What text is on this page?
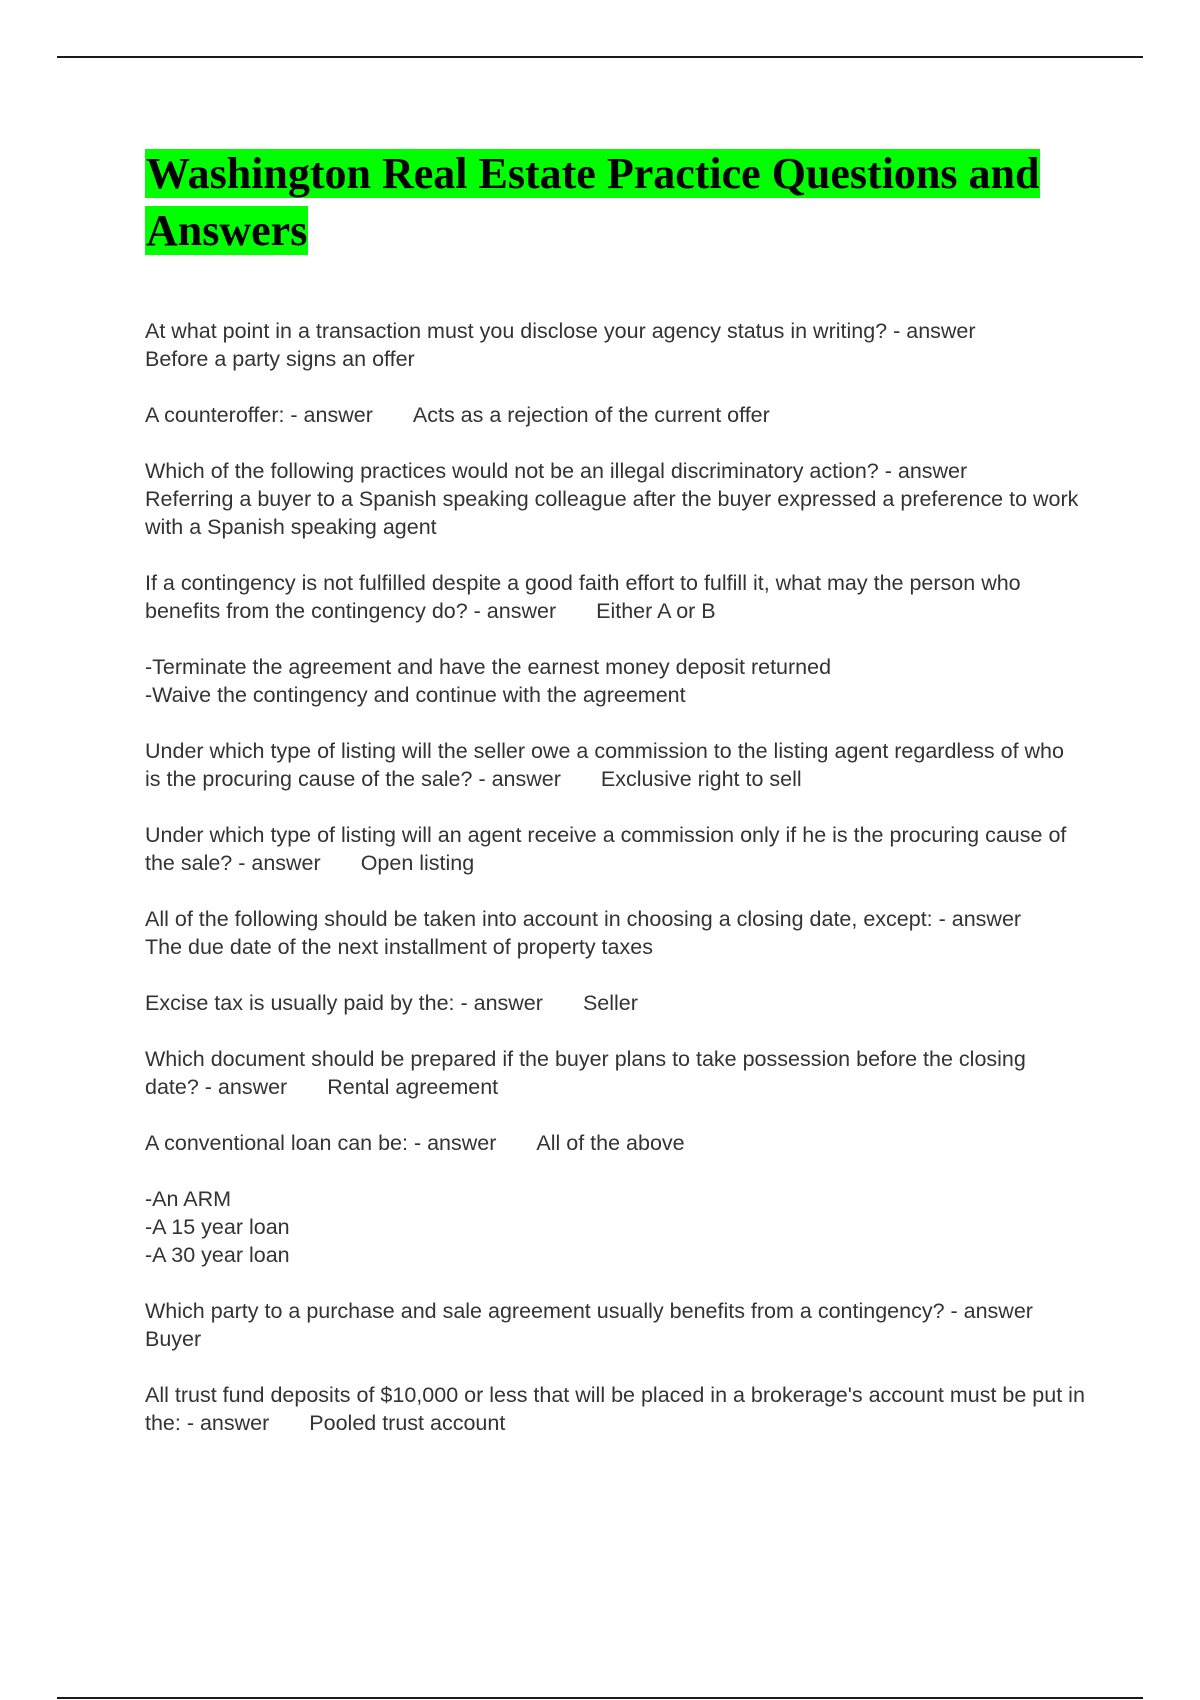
Washington Real Estate Practice Questions and Answers

At what point in a transaction must you disclose your agency status in writing? - answer
Before a party signs an offer

A counteroffer: - answer Acts as a rejection of the current offer

Which of the following practices would not be an illegal discriminatory action? - answer
Referring a buyer to a Spanish speaking colleague after the buyer expressed a preference to work with a Spanish speaking agent

If a contingency is not fulfilled despite a good faith effort to fulfill it, what may the person who benefits from the contingency do? - answer Either A or B

-Terminate the agreement and have the earnest money deposit returned
-Waive the contingency and continue with the agreement

Under which type of listing will the seller owe a commission to the listing agent regardless of who is the procuring cause of the sale? - answer Exclusive right to sell

Under which type of listing will an agent receive a commission only if he is the procuring cause of the sale? - answer Open listing

All of the following should be taken into account in choosing a closing date, except: - answerThe due date of the next installment of property taxes

Excise tax is usually paid by the: - answer Seller

Which document should be prepared if the buyer plans to take possession before the closing date? - answer Rental agreement

A conventional loan can be: - answer All of the above

-An ARM
-A 15 year loan
-A 30 year loan

Which party to a purchase and sale agreement usually benefits from a contingency? - answerBuyer

All trust fund deposits of $10,000 or less that will be placed in a brokerage's account must be put in the: - answer Pooled trust account
